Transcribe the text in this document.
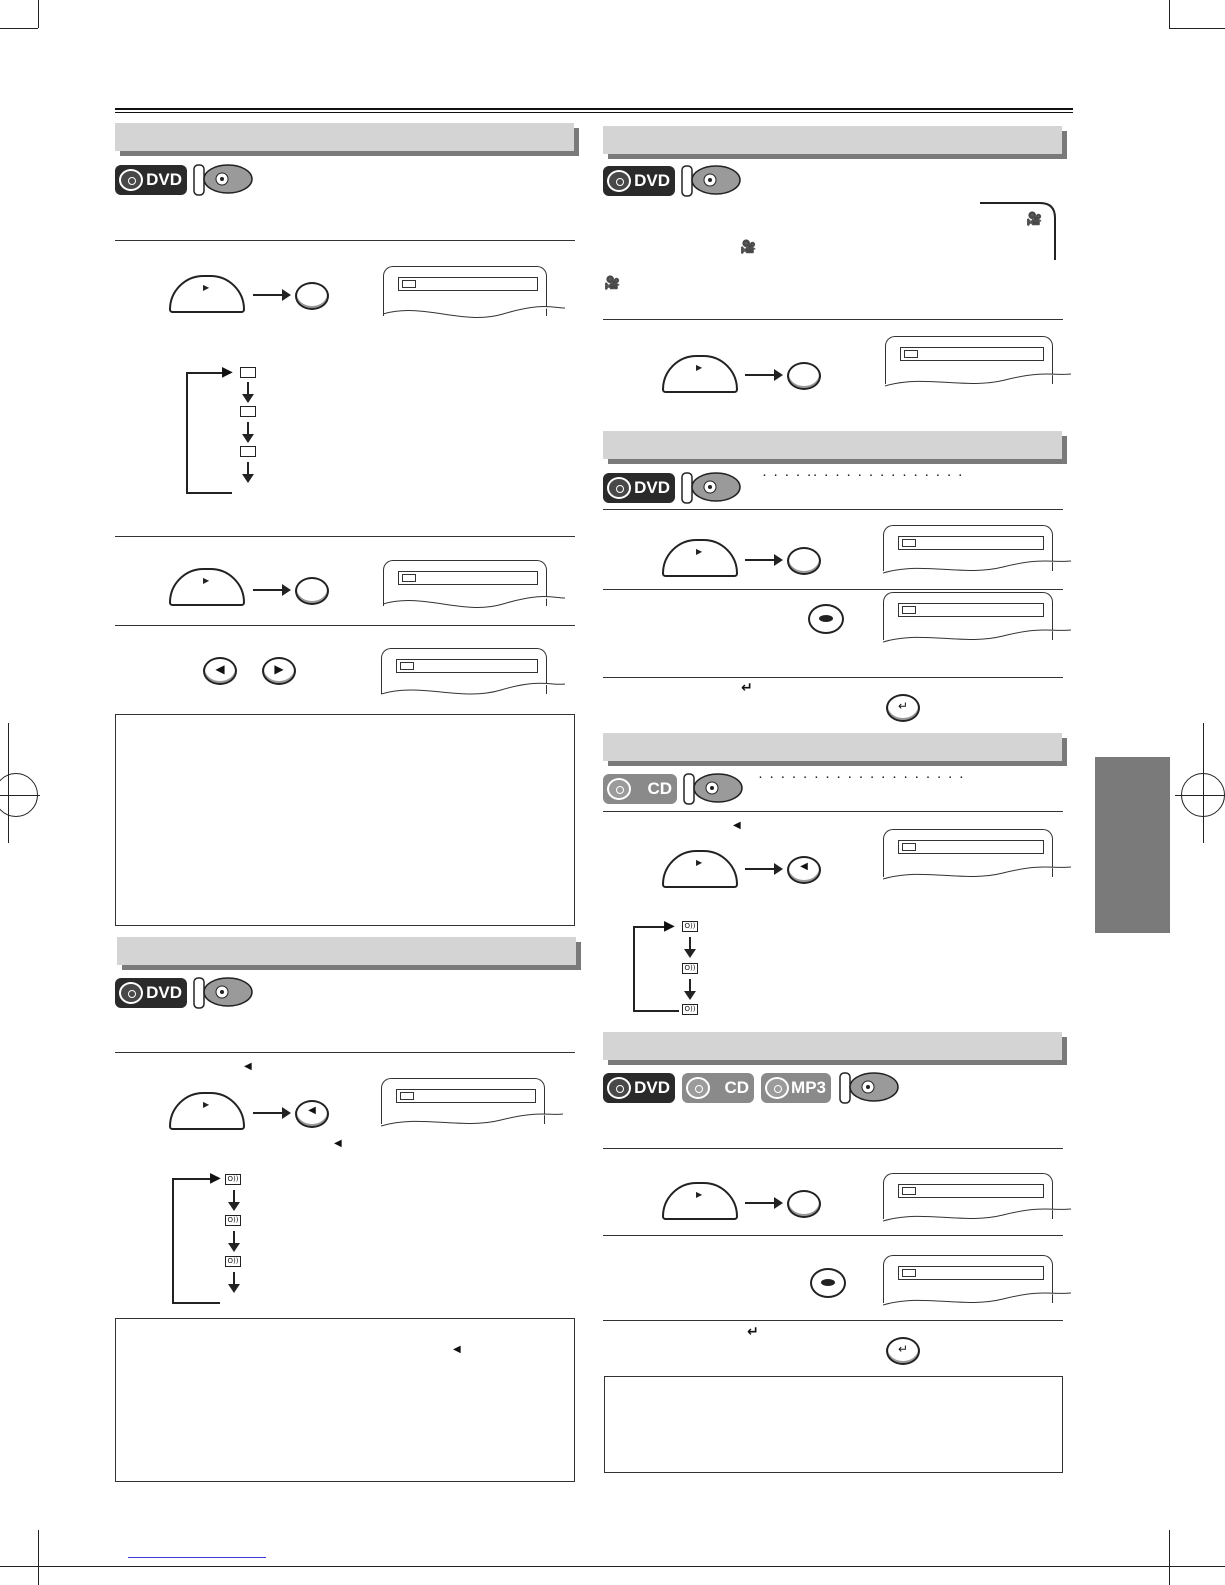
DVD
▶
▶
▶
◀	▶
DVD
◀
▶
◀
◀
▶ O))
O))
O))
◀
DVD
🎥
🎥
🎥
▶
DVD
· · · · ·· · · · · · · · · · · · · ·
▶
↵
↵
CD
· · · · · · · · · · · · · · · · · · ·
◀
▶
◀
▶	O))
O))
O))
DVD	CD MP3
▶
↵
↵
